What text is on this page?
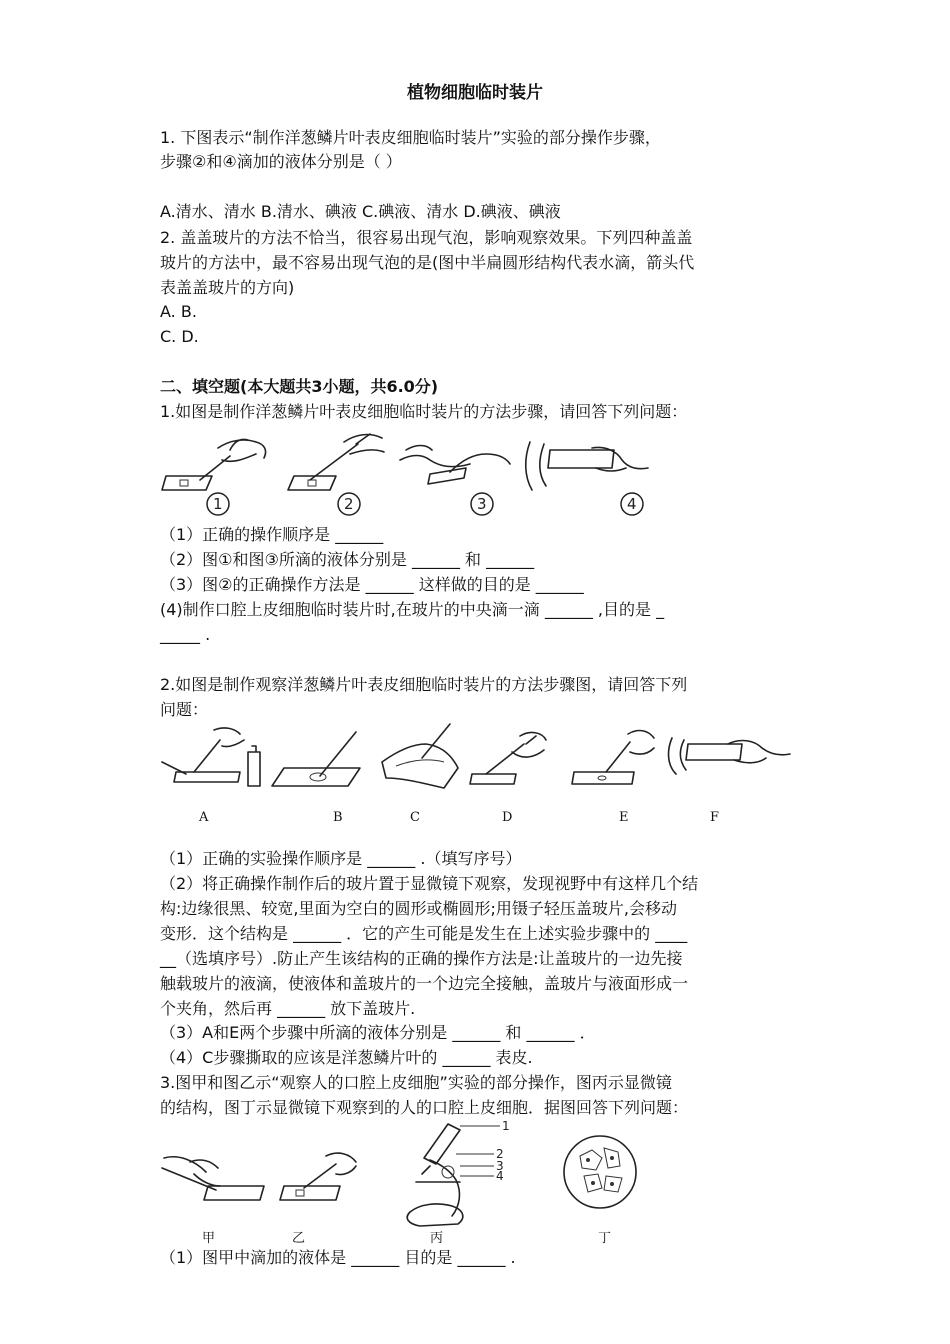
植物细胞临时装片
1. 下图表示“制作洋葱鳞片叶表皮细胞临时装片”实验的部分操作步骤，
步骤②和④滴加的液体分别是（ ）
A.清水、清水 B.清水、碘液 C.碘液、清水 D.碘液、碘液
2. 盖盖玻片的方法不恰当，很容易出现气泡，影响观察效果。下列四种盖盖
玻片的方法中，最不容易出现气泡的是(图中半扁圆形结构代表水滴，箭头代
表盖盖玻片的方向)
A. B.
C. D.
二、填空题(本大题共3小题，共6.0分)
1.如图是制作洋葱鳞片叶表皮细胞临时装片的方法步骤，请回答下列问题：
1	2	3	4
（1）正确的操作顺序是 ______
（2）图①和图③所滴的液体分别是 ______ 和 ______
（3）图②的正确操作方法是 ______ 这样做的目的是 ______
(4)制作口腔上皮细胞临时装片时,在玻片的中央滴一滴 ______ ,目的是 _
_____ .
2.如图是制作观察洋葱鳞片叶表皮细胞临时装片的方法步骤图，请回答下列
问题：
A	B	C	D	E	F
（1）正确的实验操作顺序是 ______ .（填写序号）
（2）将正确操作制作后的玻片置于显微镜下观察，发现视野中有这样几个结
构:边缘很黑、较宽,里面为空白的圆形或椭圆形;用镊子轻压盖玻片,会移动
变形．这个结构是 ______ ．它的产生可能是发生在上述实验步骤中的 ____
__（选填序号）.防止产生该结构的正确的操作方法是:让盖玻片的一边先接
触载玻片的液滴，使液体和盖玻片的一个边完全接触，盖玻片与液面形成一
个夹角，然后再 ______ 放下盖玻片.
（3）A和E两个步骤中所滴的液体分别是 ______ 和 ______ ．
（4）C步骤撕取的应该是洋葱鳞片叶的 ______ 表皮.
3.图甲和图乙示“观察人的口腔上皮细胞”实验的部分操作，图丙示显微镜
的结构，图丁示显微镜下观察到的人的口腔上皮细胞．据图回答下列问题：
1
2
3
4
甲	乙	丙	丁
（1）图甲中滴加的液体是 ______ 目的是 ______ .
